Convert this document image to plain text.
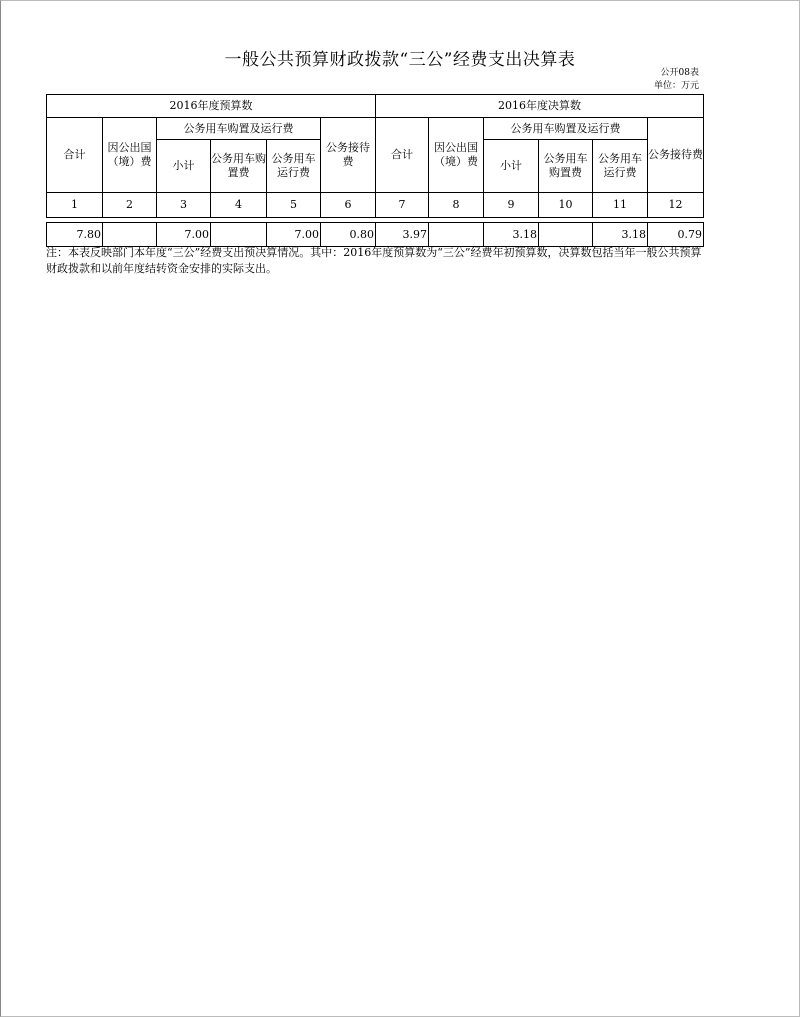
一般公共预算财政拨款“三公”经费支出决算表
公开08表
单位：万元
2016年度预算数						2016年度决算数					
合计	因公出国（境）费	公务用车购置及运行费			公务接待费	合计	因公出国（境）费	公务用车购置及运行费			公务接待费
		小计	公务用车购置费	公务用车运行费				小计	公务用车购置费	公务用车运行费	
1	2	3	4	5	6	7	8	9	10	11	12

7.80		7.00		7.00	0.80	3.97		3.18		3.18	0.79
注：本表反映部门本年度“三公”经费支出预决算情况。其中：2016年度预算数为“三公”经费年初预算数，决算数包括当年一般公共预算财政拨款和以前年度结转资金安排的实际支出。
